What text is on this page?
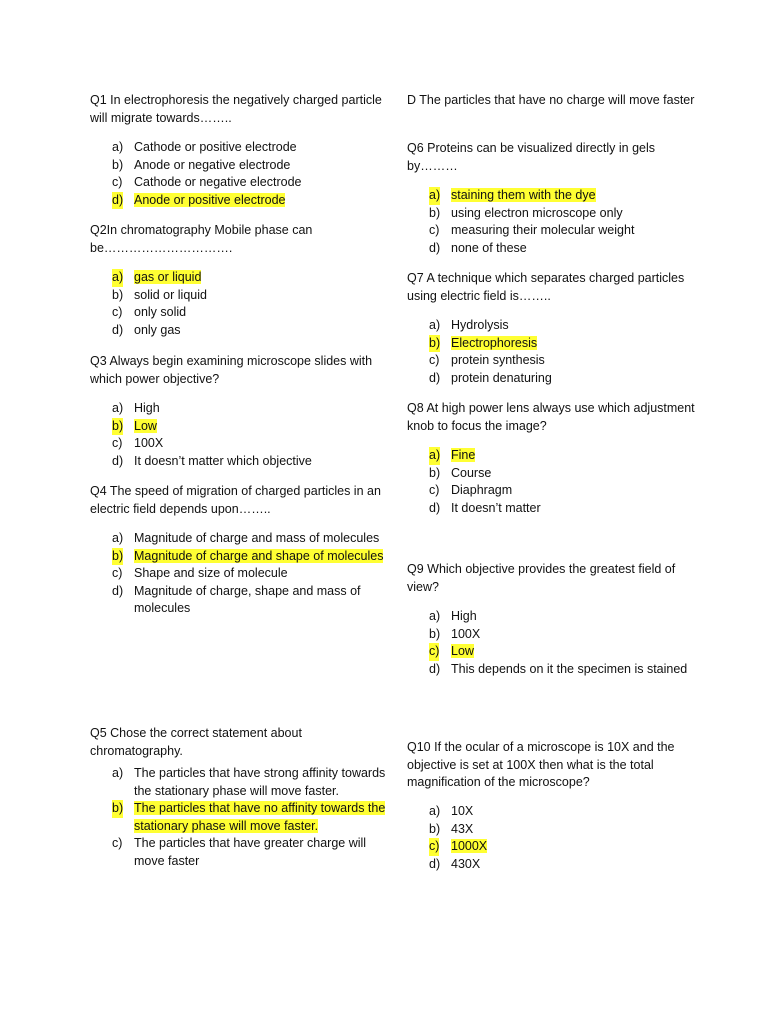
Q1 In electrophoresis the negatively charged particle will migrate towards……..
a) Cathode or positive electrode
b) Anode or negative electrode
c) Cathode or negative electrode
d) Anode or positive electrode
Q2In chromatography Mobile phase can be………………………….
a) gas or liquid
b) solid or liquid
c) only solid
d) only gas
Q3 Always begin examining microscope slides with which power objective?
a) High
b) Low
c) 100X
d) It doesn’t matter which objective
Q4 The speed of migration of charged particles in an electric field depends upon……..
a) Magnitude of charge and mass of molecules
b) Magnitude of charge and shape of molecules
c) Shape and size of molecule
d) Magnitude of charge, shape and mass of molecules
Q5 Chose the correct statement about chromatography.
a) The particles that have strong affinity towards the stationary phase will move faster.
b) The particles that have no affinity towards the stationary phase will move faster.
c) The particles that have greater charge will move faster
D The particles that have no charge will move faster
Q6 Proteins can be visualized directly in gels by………
a) staining them with the dye
b) using electron microscope only
c) measuring their molecular weight
d) none of these
Q7 A technique which separates charged particles using electric field is……..
a) Hydrolysis
b) Electrophoresis
c) protein synthesis
d) protein denaturing
Q8 At high power lens always use which adjustment knob to focus the image?
a) Fine
b) Course
c) Diaphragm
d) It doesn’t matter
Q9 Which objective provides the greatest field of view?
a) High
b) 100X
c) Low
d) This depends on it the specimen is stained
Q10 If the ocular of a microscope is 10X and the objective is set at 100X then what is the total magnification of the microscope?
a) 10X
b) 43X
c) 1000X
d) 430X
